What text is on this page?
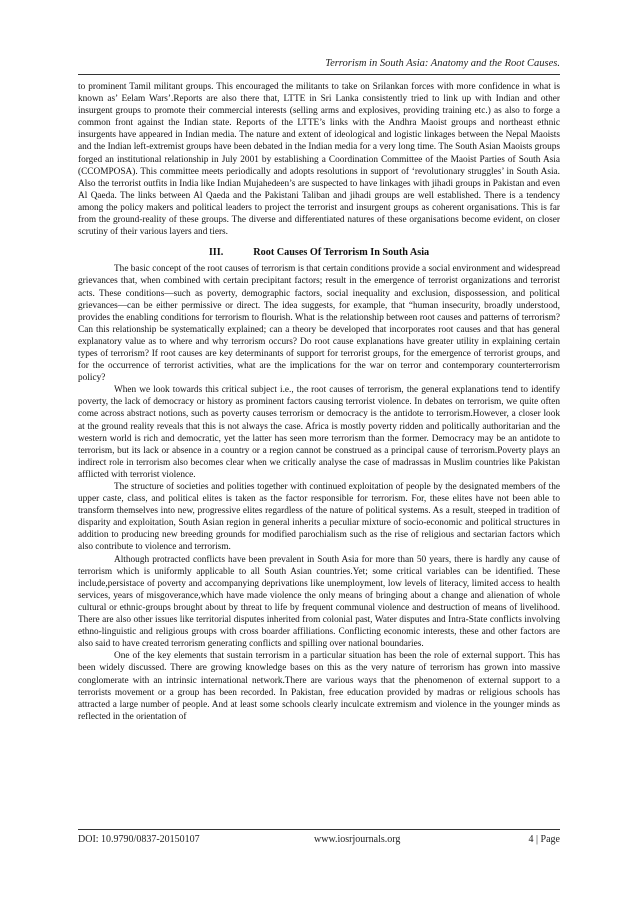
Terrorism in South Asia: Anatomy and the Root Causes.

to prominent Tamil militant groups. This encouraged the militants to take on Srilankan forces with more confidence in what is known as’ Eelam Wars’.Reports are also there that, LTTE in Sri Lanka consistently tried to link up with Indian and other insurgent groups to promote their commercial interests (selling arms and explosives, providing training etc.) as also to forge a common front against the Indian state. Reports of the LTTE’s links with the Andhra Maoist groups and northeast ethnic insurgents have appeared in Indian media. The nature and extent of ideological and logistic linkages between the Nepal Maoists and the Indian left-extremist groups have been debated in the Indian media for a very long time. The South Asian Maoists groups forged an institutional relationship in July 2001 by establishing a Coordination Committee of the Maoist Parties of South Asia (CCOMPOSA). This committee meets periodically and adopts resolutions in support of ‘revolutionary struggles’ in South Asia. Also the terrorist outfits in India like Indian Mujahedeen’s are suspected to have linkages with jihadi groups in Pakistan and even Al Qaeda. The links between Al Qaeda and the Pakistani Taliban and jihadi groups are well established. There is a tendency among the policy makers and political leaders to project the terrorist and insurgent groups as coherent organisations. This is far from the ground-reality of these groups. The diverse and differentiated natures of these organisations become evident, on closer scrutiny of their various layers and tiers.

III.	Root Causes Of Terrorism In South Asia

The basic concept of the root causes of terrorism is that certain conditions provide a social environment and widespread grievances that, when combined with certain precipitant factors; result in the emergence of terrorist organizations and terrorist acts. These conditions—such as poverty, demographic factors, social inequality and exclusion, dispossession, and political grievances—can be either permissive or direct. The idea suggests, for example, that “human insecurity, broadly understood, provides the enabling conditions for terrorism to flourish. What is the relationship between root causes and patterns of terrorism? Can this relationship be systematically explained; can a theory be developed that incorporates root causes and that has general explanatory value as to where and why terrorism occurs? Do root cause explanations have greater utility in explaining certain types of terrorism? If root causes are key determinants of support for terrorist groups, for the emergence of terrorist groups, and for the occurrence of terrorist activities, what are the implications for the war on terror and contemporary counterterrorism policy?

When we look towards this critical subject i.e., the root causes of terrorism, the general explanations tend to identify poverty, the lack of democracy or history as prominent factors causing terrorist violence. In debates on terrorism, we quite often come across abstract notions, such as poverty causes terrorism or democracy is the antidote to terrorism.However, a closer look at the ground reality reveals that this is not always the case. Africa is mostly poverty ridden and politically authoritarian and the western world is rich and democratic, yet the latter has seen more terrorism than the former. Democracy may be an antidote to terrorism, but its lack or absence in a country or a region cannot be construed as a principal cause of terrorism.Poverty plays an indirect role in terrorism also becomes clear when we critically analyse the case of madrassas in Muslim countries like Pakistan afflicted with terrorist violence.

The structure of societies and polities together with continued exploitation of people by the designated members of the upper caste, class, and political elites is taken as the factor responsible for terrorism. For, these elites have not been able to transform themselves into new, progressive elites regardless of the nature of political systems. As a result, steeped in tradition of disparity and exploitation, South Asian region in general inherits a peculiar mixture of socio-economic and political structures in addition to producing new breeding grounds for modified parochialism such as the rise of religious and sectarian factors which also contribute to violence and terrorism.

Although protracted conflicts have been prevalent in South Asia for more than 50 years, there is hardly any cause of terrorism which is uniformly applicable to all South Asian countries.Yet; some critical variables can be identified. These include,persistace of poverty and accompanying deprivations like unemployment, low levels of literacy, limited access to health services, years of misgoverance,which have made violence the only means of bringing about a change and alienation of whole cultural or ethnic-groups brought about by threat to life by frequent communal violence and destruction of means of livelihood. There are also other issues like territorial disputes inherited from colonial past, Water disputes and Intra-State conflicts involving ethno-linguistic and religious groups with cross boarder affiliations. Conflicting economic interests, these and other factors are also said to have created terrorism generating conflicts and spilling over national boundaries.

One of the key elements that sustain terrorism in a particular situation has been the role of external support. This has been widely discussed. There are growing knowledge bases on this as the very nature of terrorism has grown into massive conglomerate with an intrinsic international network.There are various ways that the phenomenon of external support to a terrorists movement or a group has been recorded. In Pakistan, free education provided by madras or religious schools has attracted a large number of people. And at least some schools clearly inculcate extremism and violence in the younger minds as reflected in the orientation of

DOI: 10.9790/0837-20150107	www.iosrjournals.org	4 | Page
